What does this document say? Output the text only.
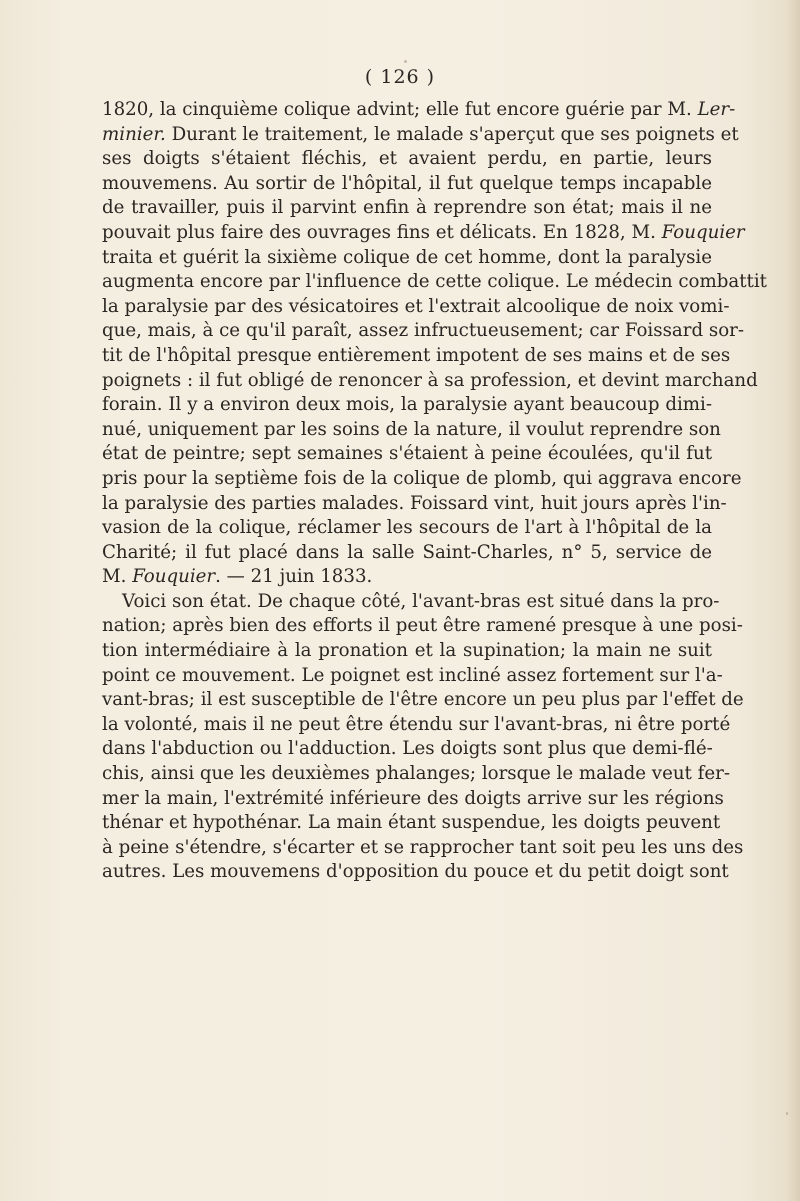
( 126 )
1820, la cinquième colique advint; elle fut encore guérie par M. Ler-
minier. Durant le traitement, le malade s'aperçut que ses poignets et
ses doigts s'étaient fléchis, et avaient perdu, en partie, leurs
mouvemens. Au sortir de l'hôpital, il fut quelque temps incapable
de travailler, puis il parvint enfin à reprendre son état; mais il ne
pouvait plus faire des ouvrages fins et délicats. En 1828, M. Fouquier
traita et guérit la sixième colique de cet homme, dont la paralysie
augmenta encore par l'influence de cette colique. Le médecin combattit
la paralysie par des vésicatoires et l'extrait alcoolique de noix vomi-
que, mais, à ce qu'il paraît, assez infructueusement; car Foissard sor-
tit de l'hôpital presque entièrement impotent de ses mains et de ses
poignets : il fut obligé de renoncer à sa profession, et devint marchand
forain. Il y a environ deux mois, la paralysie ayant beaucoup dimi-
nué, uniquement par les soins de la nature, il voulut reprendre son
état de peintre; sept semaines s'étaient à peine écoulées, qu'il fut
pris pour la septième fois de la colique de plomb, qui aggrava encore
la paralysie des parties malades. Foissard vint, huit jours après l'in-
vasion de la colique, réclamer les secours de l'art à l'hôpital de la
Charité; il fut placé dans la salle Saint-Charles, n° 5, service de
M. Fouquier. — 21 juin 1833.
Voici son état. De chaque côté, l'avant-bras est situé dans la pro-
nation; après bien des efforts il peut être ramené presque à une posi-
tion intermédiaire à la pronation et la supination; la main ne suit
point ce mouvement. Le poignet est incliné assez fortement sur l'a-
vant-bras; il est susceptible de l'être encore un peu plus par l'effet de
la volonté, mais il ne peut être étendu sur l'avant-bras, ni être porté
dans l'abduction ou l'adduction. Les doigts sont plus que demi-flé-
chis, ainsi que les deuxièmes phalanges; lorsque le malade veut fer-
mer la main, l'extrémité inférieure des doigts arrive sur les régions
thénar et hypothénar. La main étant suspendue, les doigts peuvent
à peine s'étendre, s'écarter et se rapprocher tant soit peu les uns des
autres. Les mouvemens d'opposition du pouce et du petit doigt sont
